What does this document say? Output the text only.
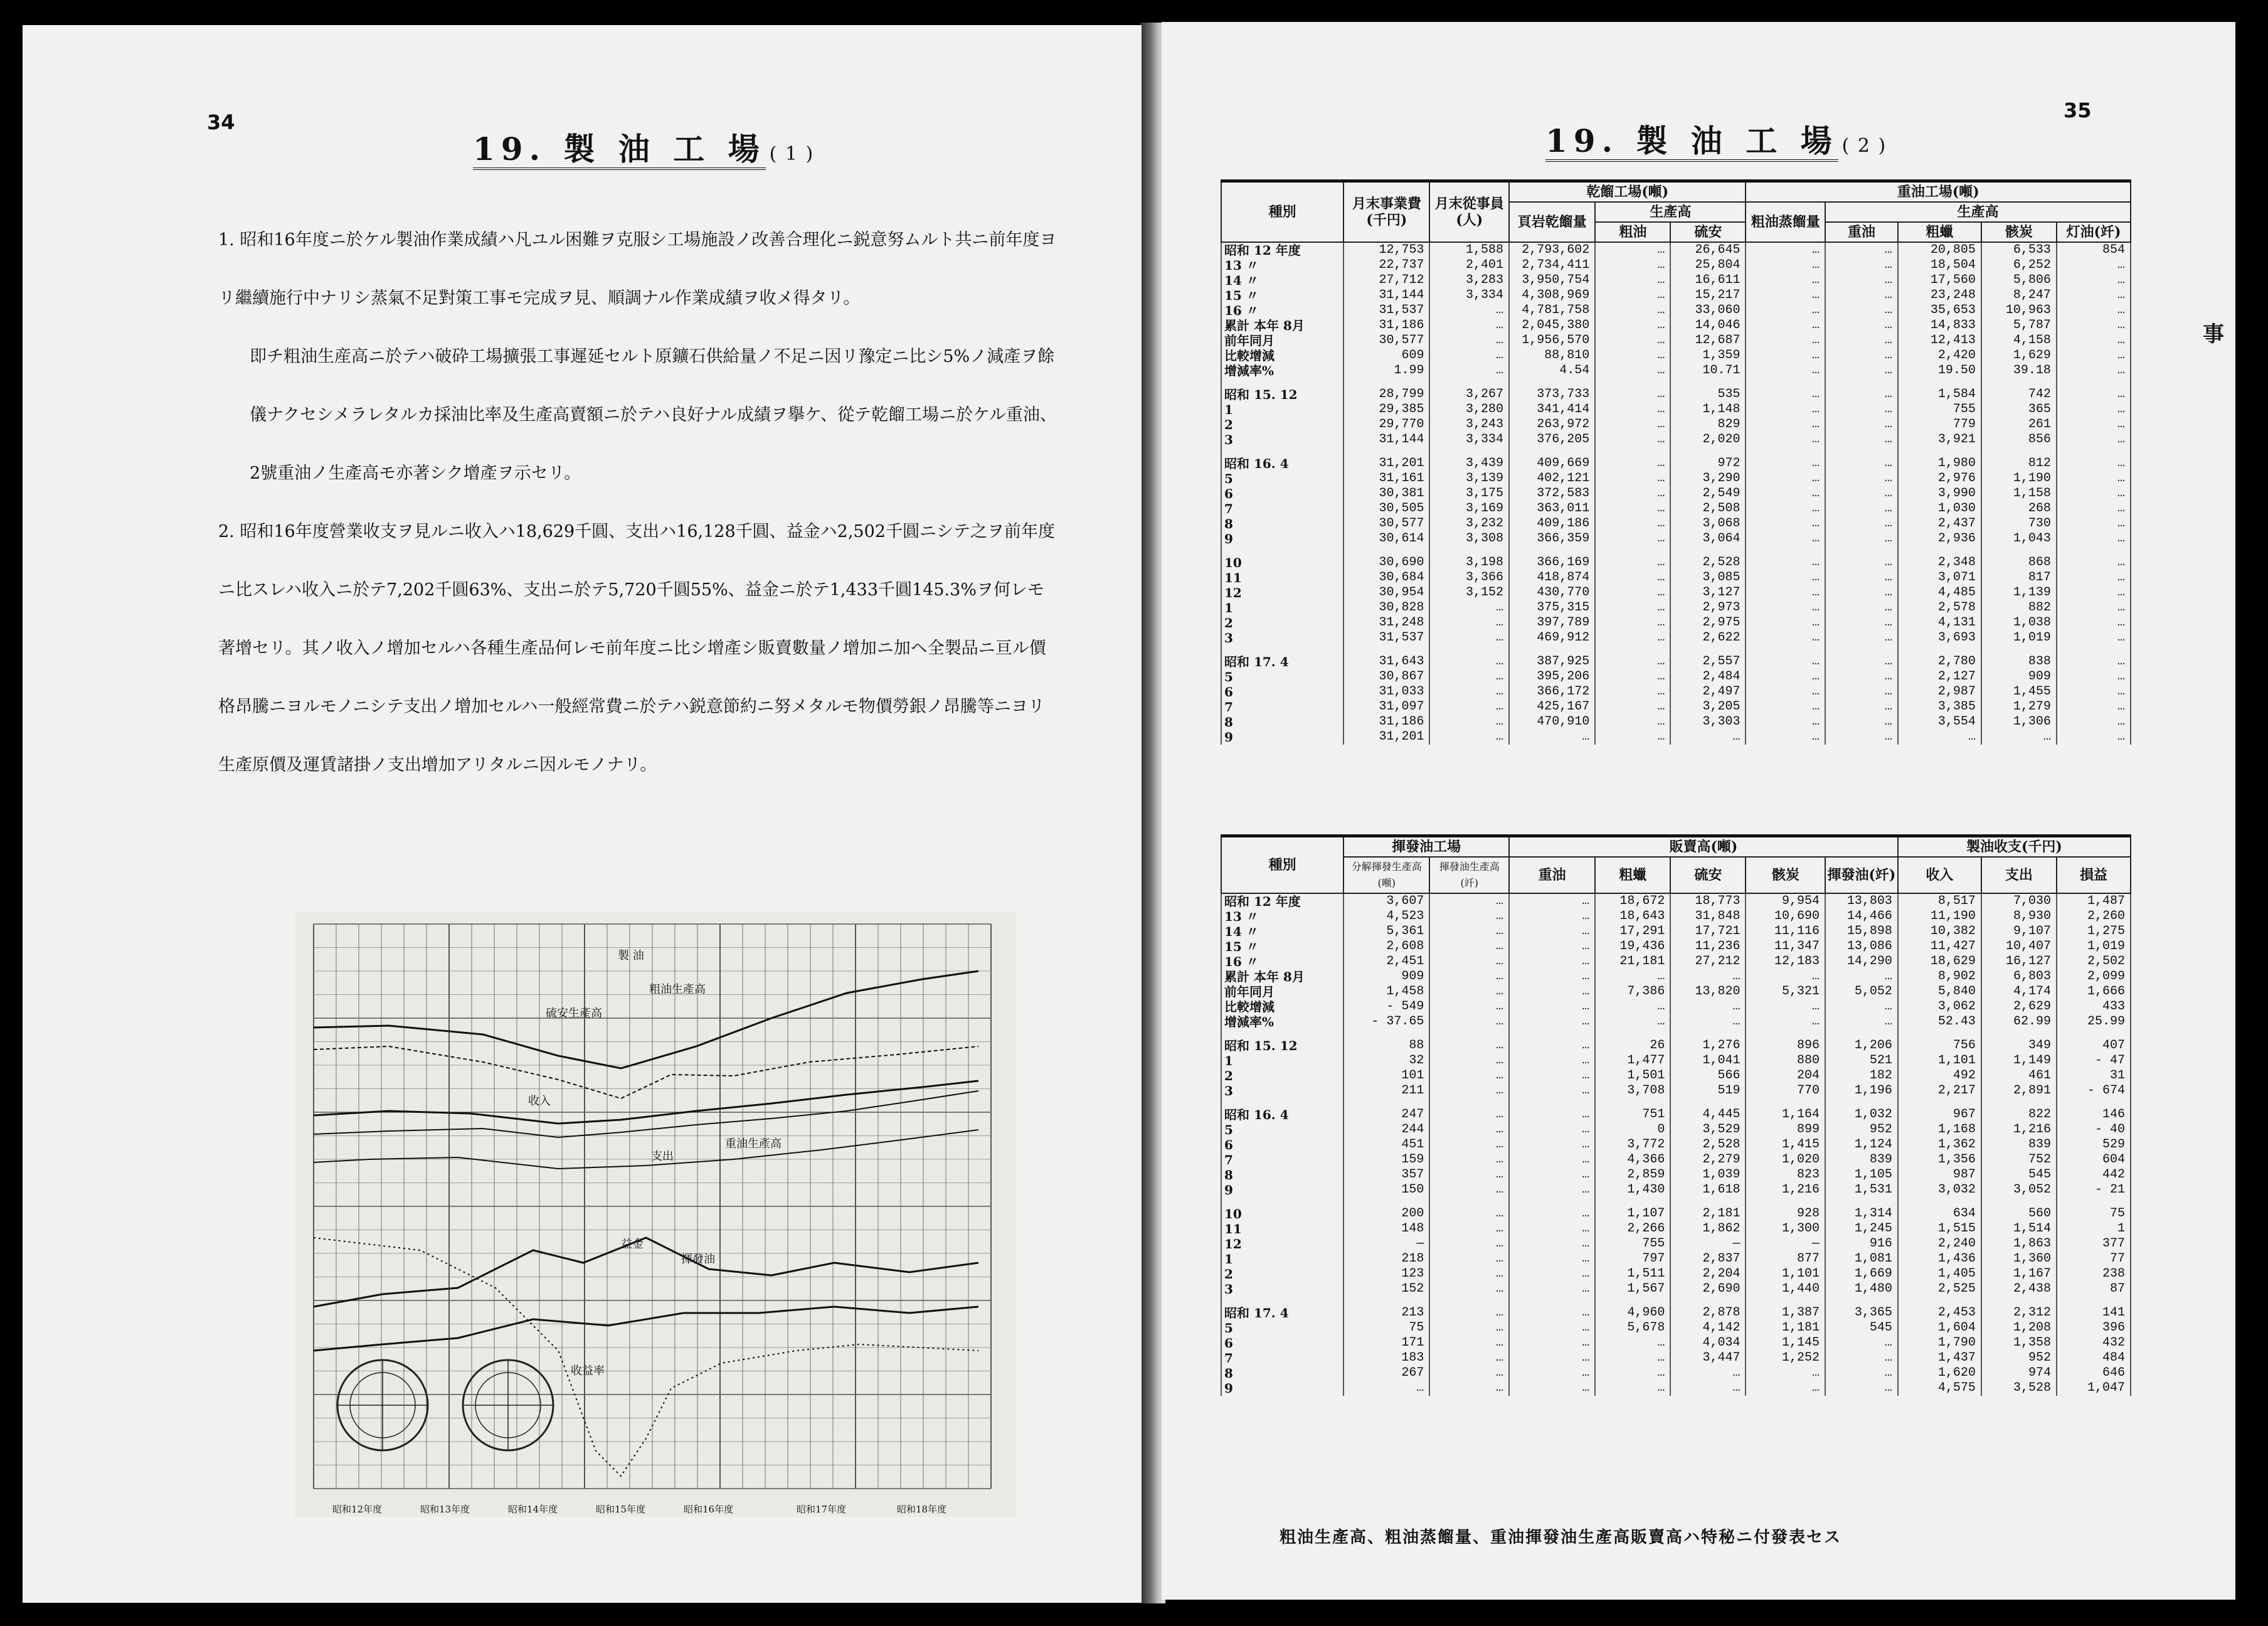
34
19. 製 油 工 場 ( 1 )

1. 昭和16年度ニ於ケル製油作業成績ハ凡ユル困難ヲ克服シ工場施設ノ改善合理化ニ鋭意努ムルト共ニ前年度ヨリ繼續施行中ナリシ蒸氣不足對策工事モ完成ヲ見、順調ナル作業成績ヲ收メ得タリ。

即チ粗油生産高ニ於テハ破砕工場擴張工事遲延セルト原鑛石供給量ノ不足ニ因リ豫定ニ比シ5%ノ減產ヲ餘儀ナクセシメラレタルカ採油比率及生產高賣額ニ於テハ良好ナル成績ヲ擧ケ、從テ乾餾工場ニ於ケル重油、2號重油ノ生產高モ亦著シク增產ヲ示セリ。

2. 昭和16年度營業收支ヲ見ルニ收入ハ18,629千圓、支出ハ16,128千圓、益金ハ2,502千圓ニシテ之ヲ前年度ニ比スレハ收入ニ於テ7,202千圓63%、支出ニ於テ5,720千圓55%、益金ニ於テ1,433千圓145.3%ヲ何レモ著增セリ。其ノ收入ノ增加セルハ各種生產品何レモ前年度ニ比シ增產シ販賣數量ノ增加ニ加ヘ全製品ニ亘ル價格昂騰ニヨルモノニシテ支出ノ增加セルハ一般經常費ニ於テハ鋭意節約ニ努メタルモ物價勞銀ノ昂騰等ニヨリ生產原價及運賃諸掛ノ支出增加アリタルニ因ルモノナリ。

製 油
粗油生產高
硫安生產高
收入
支出
重油生產高
益金
揮發油
收益率
昭和12年度	昭和13年度	昭和14年度	昭和15年度	昭和16年度	昭和17年度	昭和18年度
35
19. 製 油 工 場 ( 2 )
事
種別	月末事業費(千円)	月末從事員(人)	乾餾工場(噸)			重油工場(噸)				
			頁岩乾餾量	生產高		粗油蒸餾量	生產高			
				粗油	硫安		重油	粗蠟	骸炭	灯油(竏)
昭和 12 年度	12,753	1,588	2,793,602	…	26,645	…	…	20,805	6,533	854
13 〃	22,737	2,401	2,734,411	…	25,804	…	…	18,504	6,252	…
14 〃	27,712	3,283	3,950,754	…	16,611	…	…	17,560	5,806	…
15 〃	31,144	3,334	4,308,969	…	15,217	…	…	23,248	8,247	…
16 〃	31,537	…	4,781,758	…	33,060	…	…	35,653	10,963	…
累計 本年 8月	31,186	…	2,045,380	…	14,046	…	…	14,833	5,787	…
前年同月	30,577	…	1,956,570	…	12,687	…	…	12,413	4,158	…
比較增減	609	…	88,810	…	1,359	…	…	2,420	1,629	…
增減率%	1.99	…	4.54	…	10.71	…	…	19.50	39.18	…

昭和 15. 12	28,799	3,267	373,733	…	535	…	…	1,584	742	…
1	29,385	3,280	341,414	…	1,148	…	…	755	365	…
2	29,770	3,243	263,972	…	829	…	…	779	261	…
3	31,144	3,334	376,205	…	2,020	…	…	3,921	856	…

昭和 16. 4	31,201	3,439	409,669	…	972	…	…	1,980	812	…
5	31,161	3,139	402,121	…	3,290	…	…	2,976	1,190	…
6	30,381	3,175	372,583	…	2,549	…	…	3,990	1,158	…
7	30,505	3,169	363,011	…	2,508	…	…	1,030	268	…
8	30,577	3,232	409,186	…	3,068	…	…	2,437	730	…
9	30,614	3,308	366,359	…	3,064	…	…	2,936	1,043	…

10	30,690	3,198	366,169	…	2,528	…	…	2,348	868	…
11	30,684	3,366	418,874	…	3,085	…	…	3,071	817	…
12	30,954	3,152	430,770	…	3,127	…	…	4,485	1,139	…
1	30,828	…	375,315	…	2,973	…	…	2,578	882	…
2	31,248	…	397,789	…	2,975	…	…	4,131	1,038	…
3	31,537	…	469,912	…	2,622	…	…	3,693	1,019	…

昭和 17. 4	31,643	…	387,925	…	2,557	…	…	2,780	838	…
5	30,867	…	395,206	…	2,484	…	…	2,127	909	…
6	31,033	…	366,172	…	2,497	…	…	2,987	1,455	…
7	31,097	…	425,167	…	3,205	…	…	3,385	1,279	…
8	31,186	…	470,910	…	3,303	…	…	3,554	1,306	…
9	31,201	…	…	…	…	…	…	…	…	…
種別	揮發油工場		販賣高(噸)					製油收支(千円)		
	分解揮發生產高(噸)	揮發油生產高(竏)	重油	粗蠟	硫安	骸炭	揮發油(竏)	收入	支出	損益
昭和 12 年度	3,607	…	…	18,672	18,773	9,954	13,803	8,517	7,030	1,487
13 〃	4,523	…	…	18,643	31,848	10,690	14,466	11,190	8,930	2,260
14 〃	5,361	…	…	17,291	17,721	11,116	15,898	10,382	9,107	1,275
15 〃	2,608	…	…	19,436	11,236	11,347	13,086	11,427	10,407	1,019
16 〃	2,451	…	…	21,181	27,212	12,183	14,290	18,629	16,127	2,502
累計 本年 8月	909	…	…	…	…	…	…	8,902	6,803	2,099
前年同月	1,458	…	…	7,386	13,820	5,321	5,052	5,840	4,174	1,666
比較增減	- 549	…	…	…	…	…	…	3,062	2,629	433
增減率%	- 37.65	…	…	…	…	…	…	52.43	62.99	25.99

昭和 15. 12	88	…	…	26	1,276	896	1,206	756	349	407
1	32	…	…	1,477	1,041	880	521	1,101	1,149	- 47
2	101	…	…	1,501	566	204	182	492	461	31
3	211	…	…	3,708	519	770	1,196	2,217	2,891	- 674

昭和 16. 4	247	…	…	751	4,445	1,164	1,032	967	822	146
5	244	…	…	0	3,529	899	952	1,168	1,216	- 40
6	451	…	…	3,772	2,528	1,415	1,124	1,362	839	529
7	159	…	…	4,366	2,279	1,020	839	1,356	752	604
8	357	…	…	2,859	1,039	823	1,105	987	545	442
9	150	…	…	1,430	1,618	1,216	1,531	3,032	3,052	- 21

10	200	…	…	1,107	2,181	928	1,314	634	560	75
11	148	…	…	2,266	1,862	1,300	1,245	1,515	1,514	1
12	—	…	…	755	—	—	916	2,240	1,863	377
1	218	…	…	797	2,837	877	1,081	1,436	1,360	77
2	123	…	…	1,511	2,204	1,101	1,669	1,405	1,167	238
3	152	…	…	1,567	2,690	1,440	1,480	2,525	2,438	87

昭和 17. 4	213	…	…	4,960	2,878	1,387	3,365	2,453	2,312	141
5	75	…	…	5,678	4,142	1,181	545	1,604	1,208	396
6	171	…	…	…	4,034	1,145	…	1,790	1,358	432
7	183	…	…	…	3,447	1,252	…	1,437	952	484
8	267	…	…	…	…	…	…	1,620	974	646
9	…	…	…	…	…	…	…	4,575	3,528	1,047
粗油生產高、粗油蒸餾量、重油揮發油生產高販賣高ハ特秘ニ付發表セス
